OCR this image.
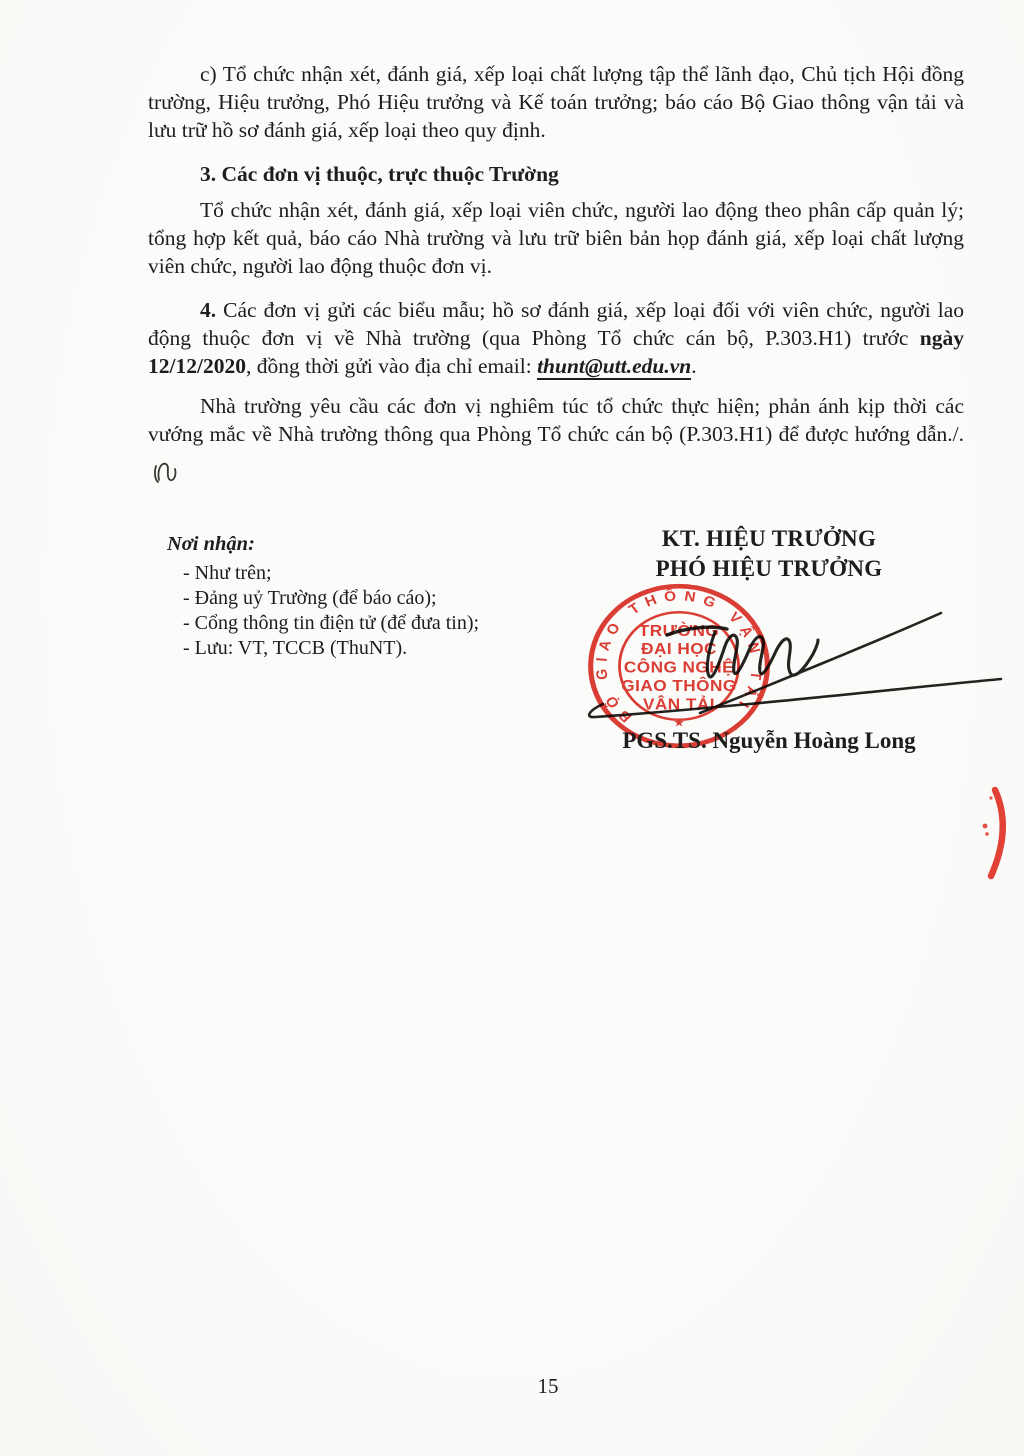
c) Tổ chức nhận xét, đánh giá, xếp loại chất lượng tập thể lãnh đạo, Chủ tịch Hội đồng trường, Hiệu trưởng, Phó Hiệu trưởng và Kế toán trưởng; báo cáo Bộ Giao thông vận tải và lưu trữ hồ sơ đánh giá, xếp loại theo quy định.

3. Các đơn vị thuộc, trực thuộc Trường

Tổ chức nhận xét, đánh giá, xếp loại viên chức, người lao động theo phân cấp quản lý; tổng hợp kết quả, báo cáo Nhà trường và lưu trữ biên bản họp đánh giá, xếp loại chất lượng viên chức, người lao động thuộc đơn vị.

4. Các đơn vị gửi các biểu mẫu; hồ sơ đánh giá, xếp loại đối với viên chức, người lao động thuộc đơn vị về Nhà trường (qua Phòng Tổ chức cán bộ, P.303.H1) trước ngày 12/12/2020, đồng thời gửi vào địa chỉ email: thunt@utt.edu.vn.

Nhà trường yêu cầu các đơn vị nghiêm túc tổ chức thực hiện; phản ánh kịp thời các vướng mắc về Nhà trường thông qua Phòng Tổ chức cán bộ (P.303.H1) để được hướng dẫn./.

Nơi nhận:

- Như trên;
- Đảng uỷ Trường (để báo cáo);
- Cổng thông tin điện tử (để đưa tin);
- Lưu: VT, TCCB (ThuNT).

KT. HIỆU TRƯỞNG

PHÓ HIỆU TRƯỞNG

BỘ GIAO THÔNG VẬN TẢI
★
TRƯỜNG
ĐẠI HỌC
CÔNG NGHỆ
GIAO THÔNG
VẬN TẢI

PGS.TS. Nguyễn Hoàng Long

15
